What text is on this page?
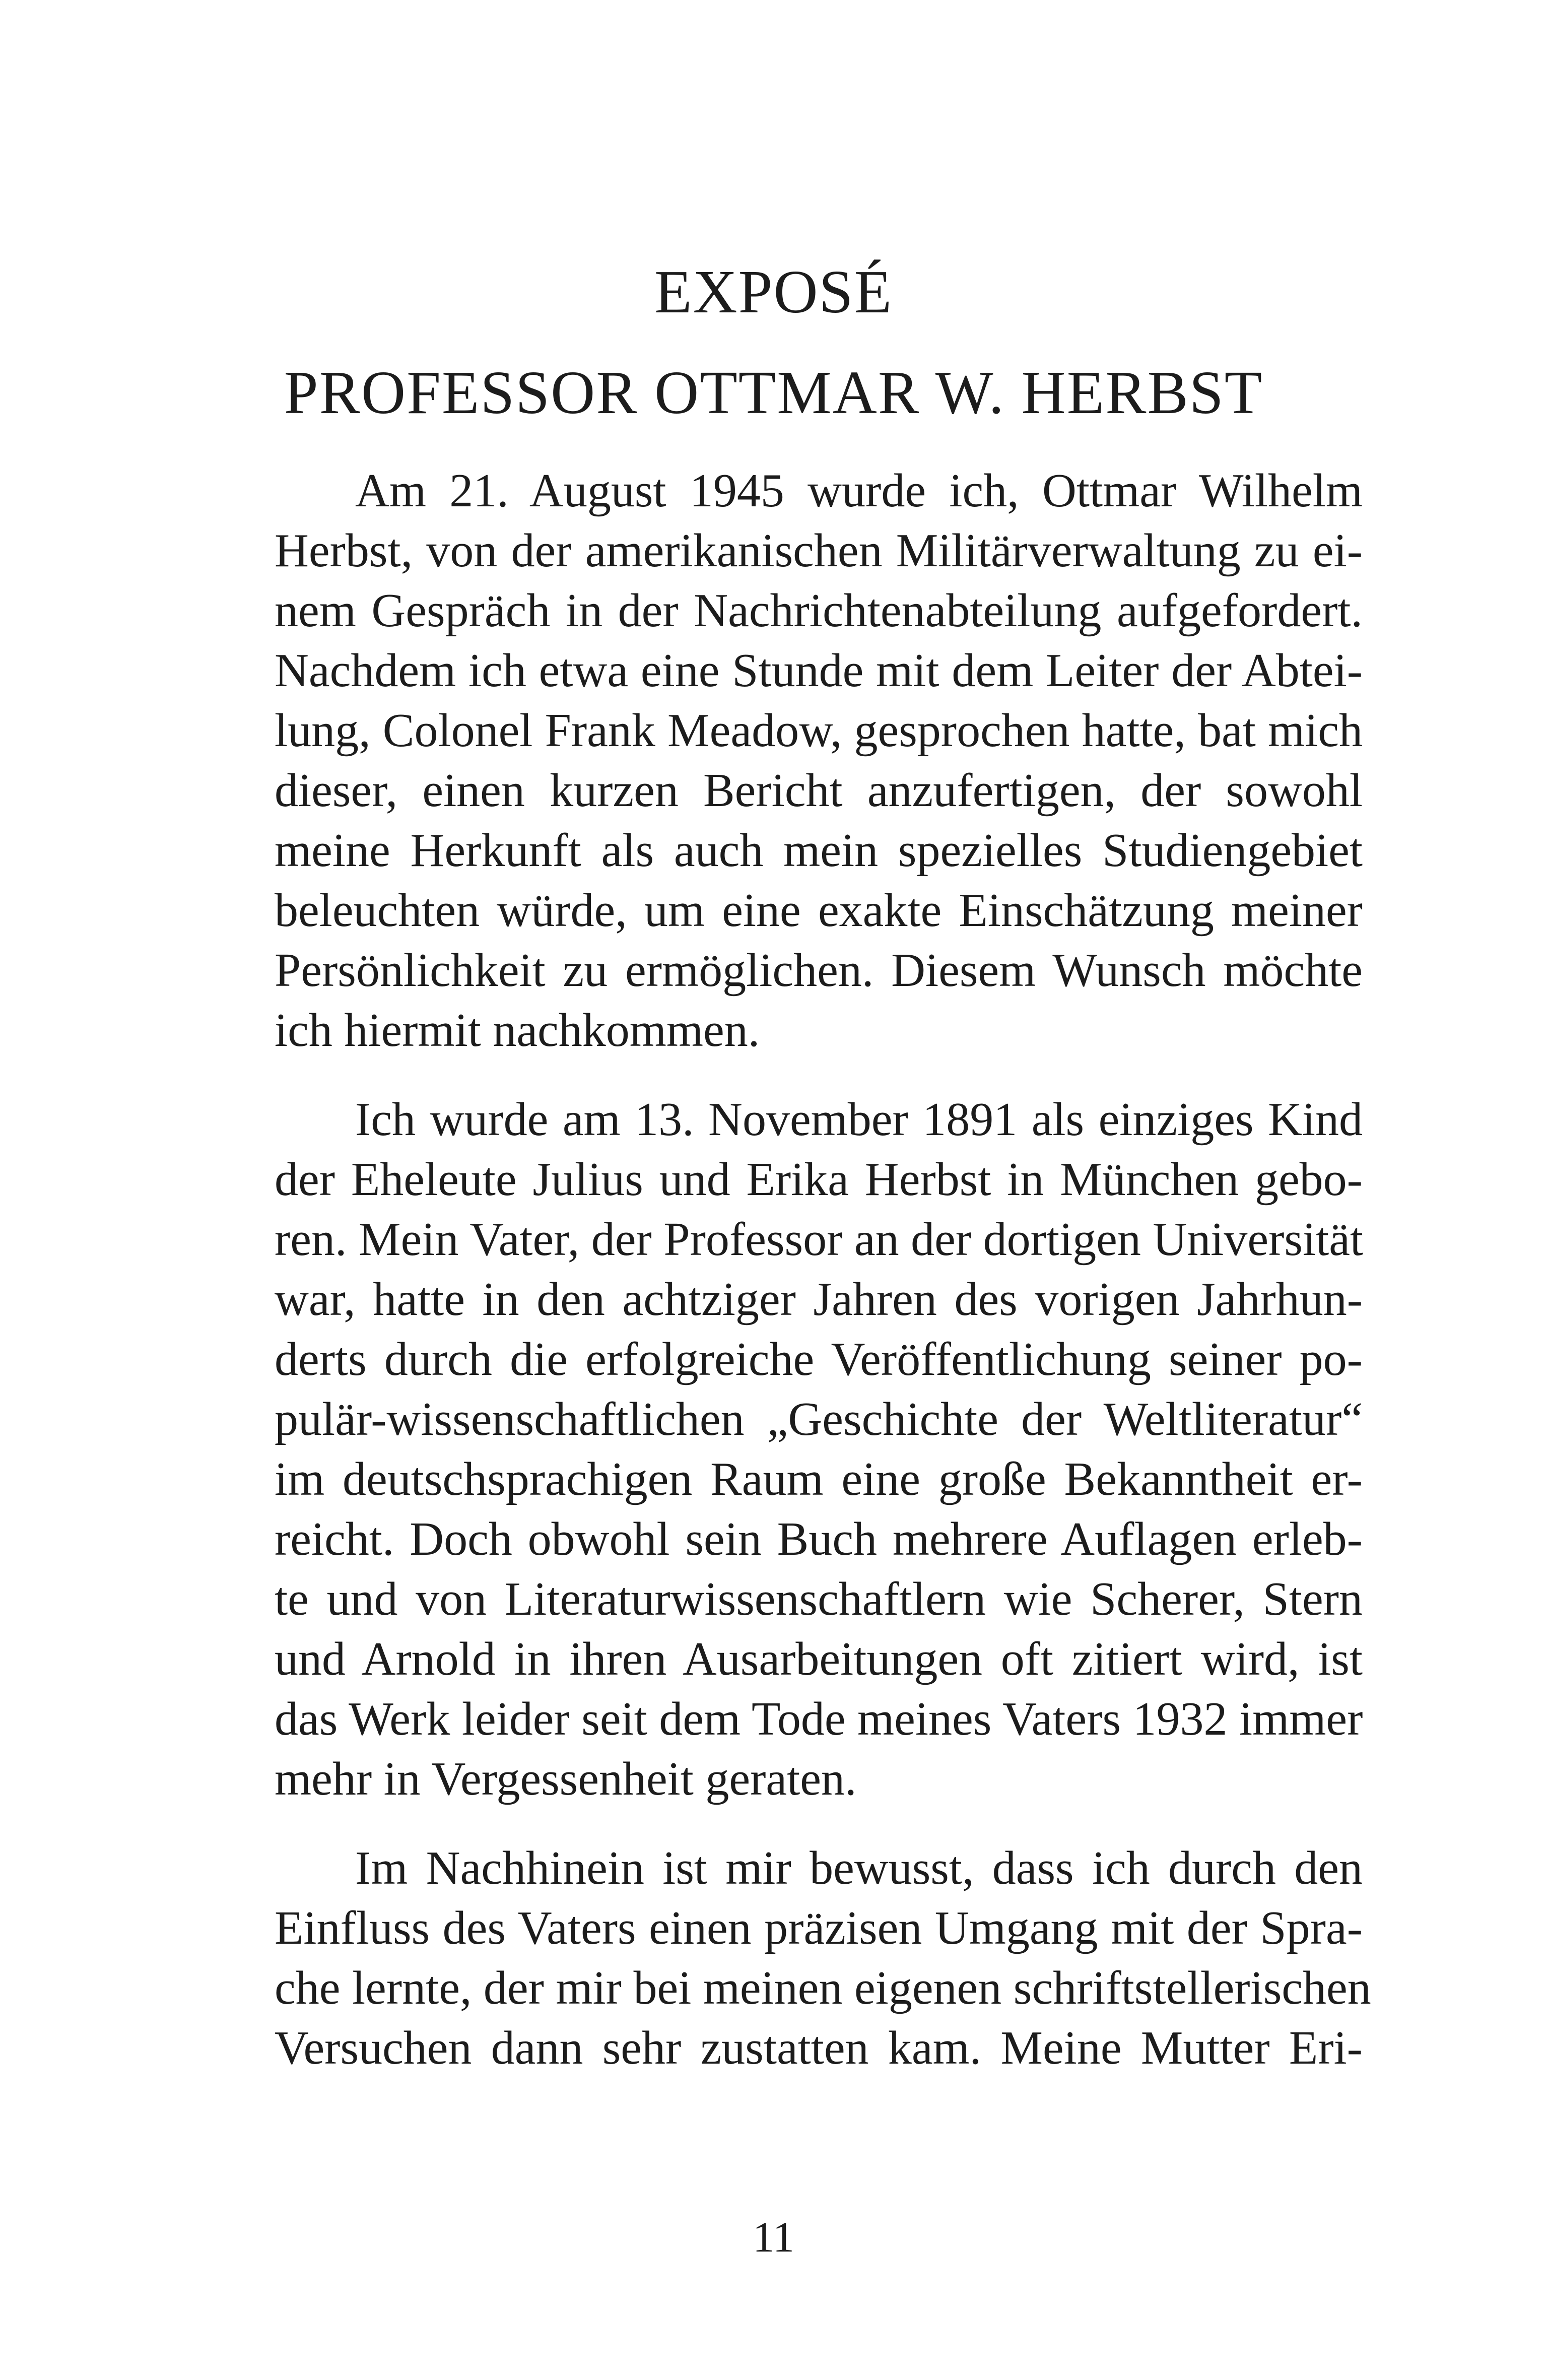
EXPOSÉ
PROFESSOR OTTMAR W. HERBST

Am 21. August 1945 wurde ich, Ottmar Wilhelm
Herbst, von der amerikanischen Militärverwaltung zu ei-
nem Gespräch in der Nachrichtenabteilung aufgefordert.
Nachdem ich etwa eine Stunde mit dem Leiter der Abtei-
lung, Colonel Frank Meadow, gesprochen hatte, bat mich
dieser, einen kurzen Bericht anzufertigen, der sowohl
meine Herkunft als auch mein spezielles Studiengebiet
beleuchten würde, um eine exakte Einschätzung meiner
Persönlichkeit zu ermöglichen. Diesem Wunsch möchte
ich hiermit nachkommen.

Ich wurde am 13. November 1891 als einziges Kind
der Eheleute Julius und Erika Herbst in München gebo-
ren. Mein Vater, der Professor an der dortigen Universität
war, hatte in den achtziger Jahren des vorigen Jahrhun-
derts durch die erfolgreiche Veröffentlichung seiner po-
pulär-wissenschaftlichen „Geschichte der Weltliteratur“
im deutschsprachigen Raum eine große Bekanntheit er-
reicht. Doch obwohl sein Buch mehrere Auflagen erleb-
te und von Literaturwissenschaftlern wie Scherer, Stern
und Arnold in ihren Ausarbeitungen oft zitiert wird, ist
das Werk leider seit dem Tode meines Vaters 1932 immer
mehr in Vergessenheit geraten.

Im Nachhinein ist mir bewusst, dass ich durch den
Einfluss des Vaters einen präzisen Umgang mit der Spra-
che lernte, der mir bei meinen eigenen schriftstellerischen
Versuchen dann sehr zustatten kam. Meine Mutter Eri-

11
